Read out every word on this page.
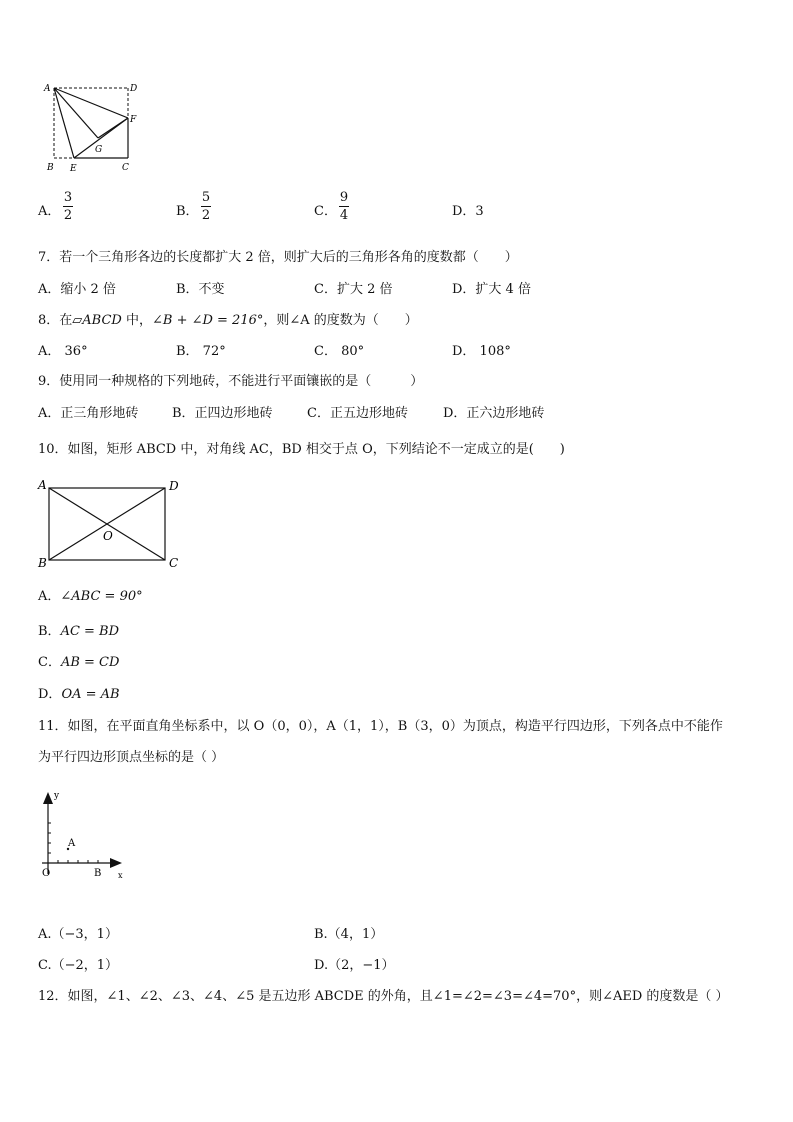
A	D
F
G
B E	C
A．
3
2	B．
5
2	C．
9
4	D．3
7．若一个三角形各边的长度都扩大 2 倍，则扩大后的三角形各角的度数都（　　）
A．缩小 2 倍	B．不变	C．扩大 2 倍	D．扩大 4 倍
8．在▱ABCD 中，∠B + ∠D = 216°，则∠A 的度数为（　　）
A． 36°	B． 72°	C． 80°	D． 108°
9．使用同一种规格的下列地砖，不能进行平面镶嵌的是（　　　）
A．正三角形地砖	B．正四边形地砖	C．正五边形地砖	D．正六边形地砖
10．如图，矩形 ABCD 中，对角线 AC，BD 相交于点 O，下列结论不一定成立的是(　　)
A	D
B	C
O
A．∠ABC = 90°
B．AC = BD
C．AB = CD
D．OA = AB
11．如图，在平面直角坐标系中，以 O（0，0），A（1，1），B（3，0）为顶点，构造平行四边形，下列各点中不能作
为平行四边形顶点坐标的是（ ）
y
A
O	B x
A.（−3，1）	B.（4，1）
C.（−2，1）	D.（2，−1）
12．如图，∠1、∠2、∠3、∠4、∠5 是五边形 ABCDE 的外角，且∠1=∠2=∠3=∠4=70°，则∠AED 的度数是（ ）
